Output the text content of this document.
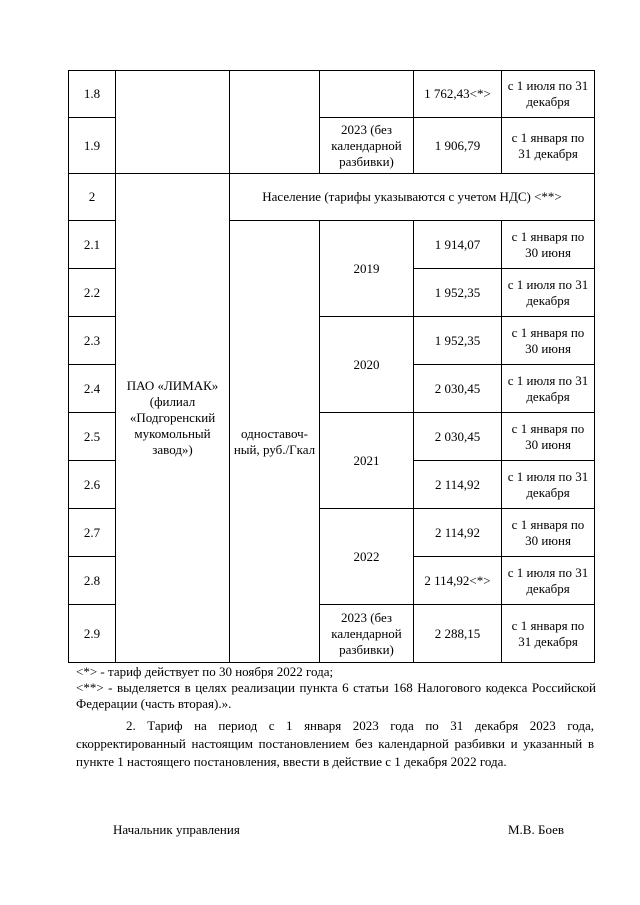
1.8				1 762,43<*>	с 1 июля по 31 декабря
1.9			2023 (без календарной разбивки)	1 906,79	с 1 января по 31 декабря
2	ПАО «ЛИМАК» (филиал «Подгоренский мукомольный завод»)	Население (тарифы указываются с учетом НДС) <**>			
2.1		одноставоч-ный, руб./Гкал	2019	1 914,07	с 1 января по 30 июня
2.2				1 952,35	с 1 июля по 31 декабря
2.3			2020	1 952,35	с 1 января по 30 июня
2.4				2 030,45	с 1 июля по 31 декабря
2.5			2021	2 030,45	с 1 января по 30 июня
2.6				2 114,92	с 1 июля по 31 декабря
2.7			2022	2 114,92	с 1 января по 30 июня
2.8				2 114,92<*>	с 1 июля по 31 декабря
2.9			2023 (без календарной разбивки)	2 288,15	с 1 января по 31 декабря

<*> - тариф действует по 30 ноября 2022 года;

<**> - выделяется в целях реализации пункта 6 статьи 168 Налогового кодекса Российской Федерации (часть вторая).».

2. Тариф на период с 1 января 2023 года по 31 декабря 2023 года, скорректированный настоящим постановлением без календарной разбивки и указанный в пункте 1 настоящего постановления, ввести в действие с 1 декабря 2022 года.

Начальник управления	М.В. Боев
